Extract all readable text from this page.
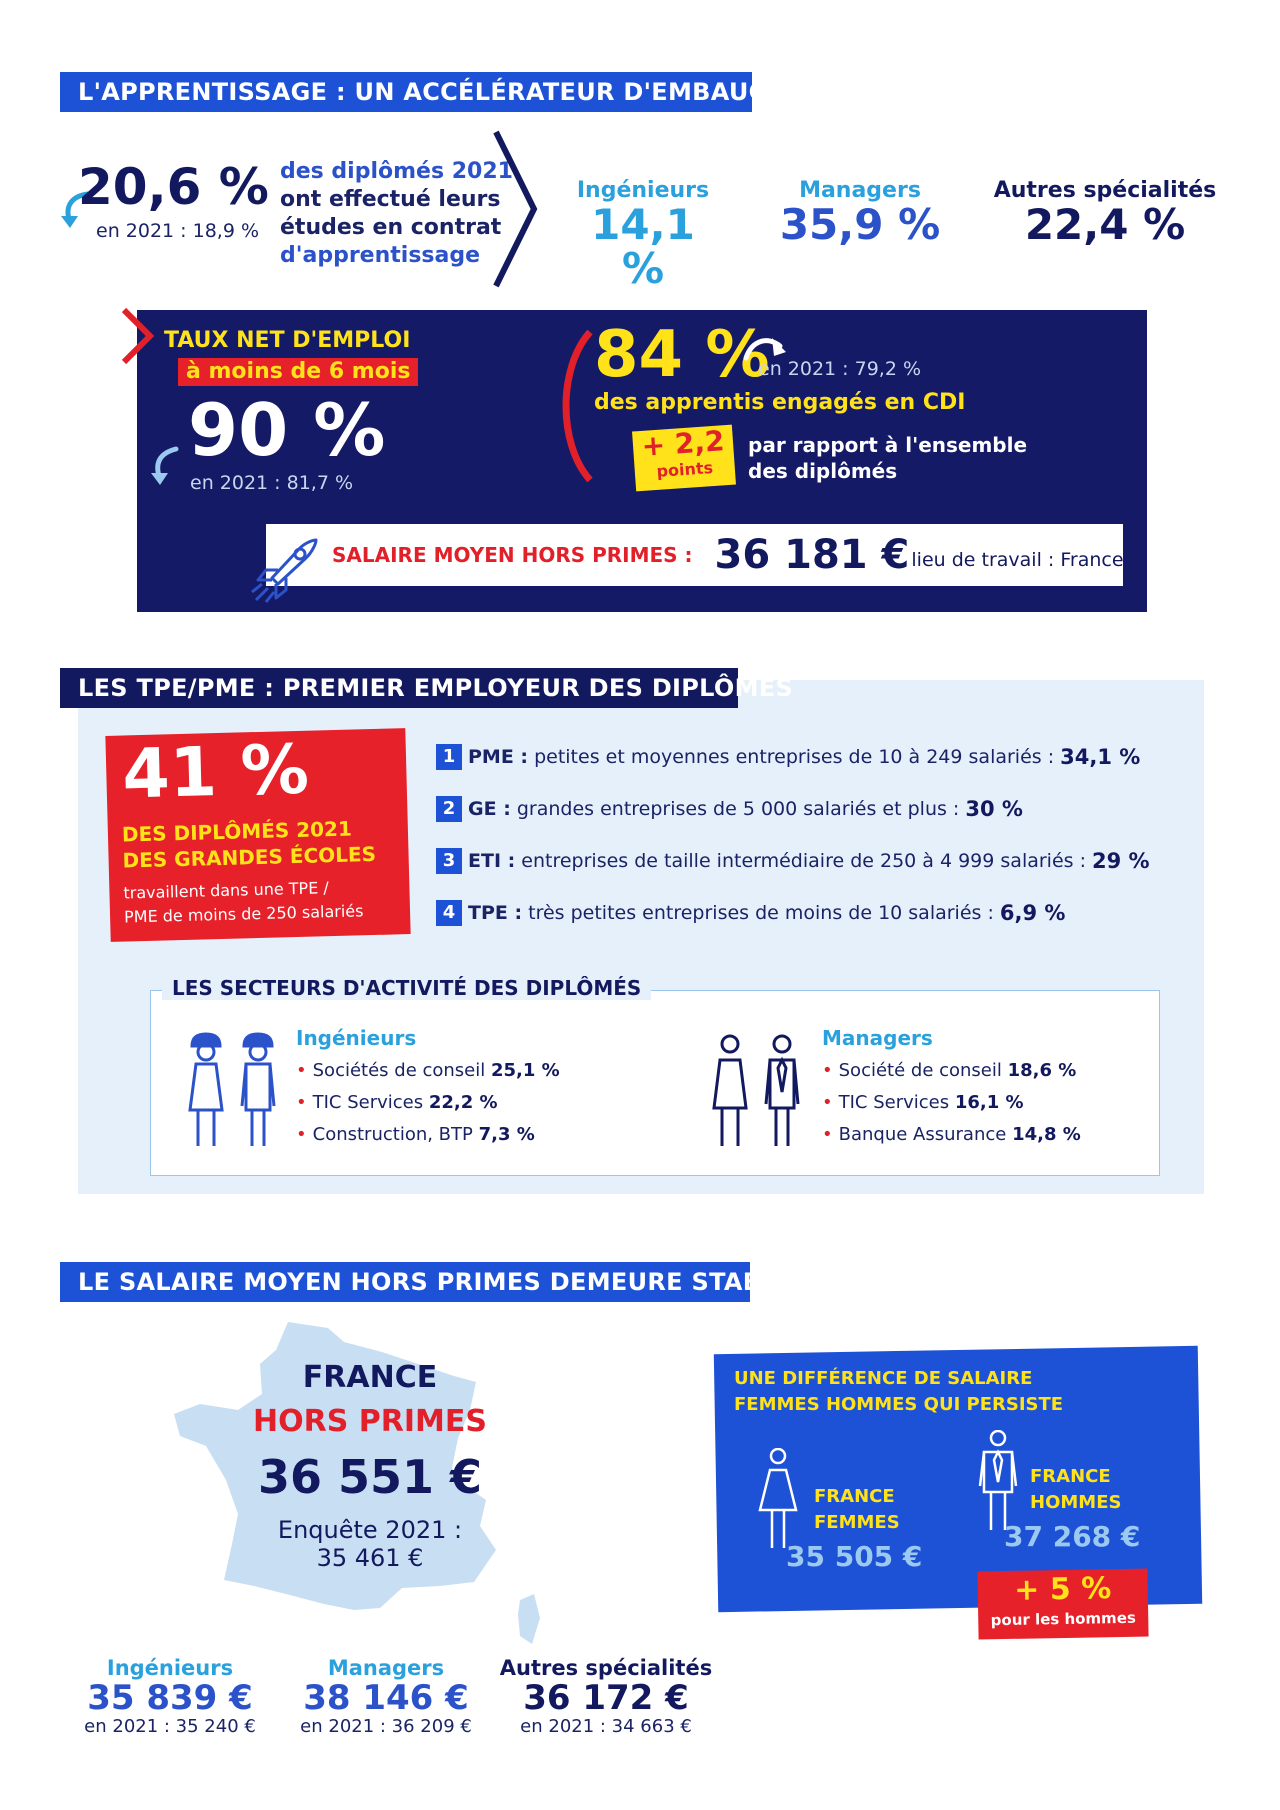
L'APPRENTISSAGE : UN ACCÉLÉRATEUR D'EMBAUCHE
20,6 %
en 2021 : 18,9 %
des diplômés 2021
ont effectué leurs
études en contrat
d'apprentissage
Ingénieurs
14,1 %
Managers
35,9 %
Autres spécialités
22,4 %
TAUX NET D'EMPLOI
à moins de 6 mois
90 %
en 2021 : 81,7 %
84 %
en 2021 : 79,2 %
des apprentis engagés en CDI
+ 2,2
points
par rapport à l'ensemble
des diplômés
SALAIRE MOYEN HORS PRIMES : 36 181 € lieu de travail : France
LES TPE/PME : PREMIER EMPLOYEUR DES DIPLÔMÉS
41 %
DES DIPLÔMÉS 2021
DES GRANDES ÉCOLES
travaillent dans une TPE /
PME de moins de 250 salariés
1 PME :
petites et moyennes entreprises de 10 à 249 salariés : 34,1 %
2 GE :
grandes entreprises de 5 000 salariés et plus : 30 %
3 ETI :
entreprises de taille intermédiaire de 250 à 4 999 salariés : 29 %
4 TPE :
très petites entreprises de moins de 10 salariés : 6,9 %
LES SECTEURS D'ACTIVITÉ DES DIPLÔMÉS
Ingénieurs
• Sociétés de conseil 25,1 %
• TIC Services 22,2 %
• Construction, BTP 7,3 %
Managers
• Société de conseil 18,6 %
• TIC Services 16,1 %
• Banque Assurance 14,8 %
LE SALAIRE MOYEN HORS PRIMES DEMEURE STABLE
FRANCE
HORS PRIMES
36 551 €
Enquête 2021 :
35 461 €
UNE DIFFÉRENCE DE SALAIRE
FEMMES HOMMES QUI PERSISTE
FRANCE
FEMMES
35 505 €
FRANCE
HOMMES
37 268 €
+ 5 %
pour les hommes
Ingénieurs
35 839 €
en 2021 : 35 240 €
Managers
38 146 €
en 2021 : 36 209 €
Autres spécialités
36 172 €
en 2021 : 34 663 €
